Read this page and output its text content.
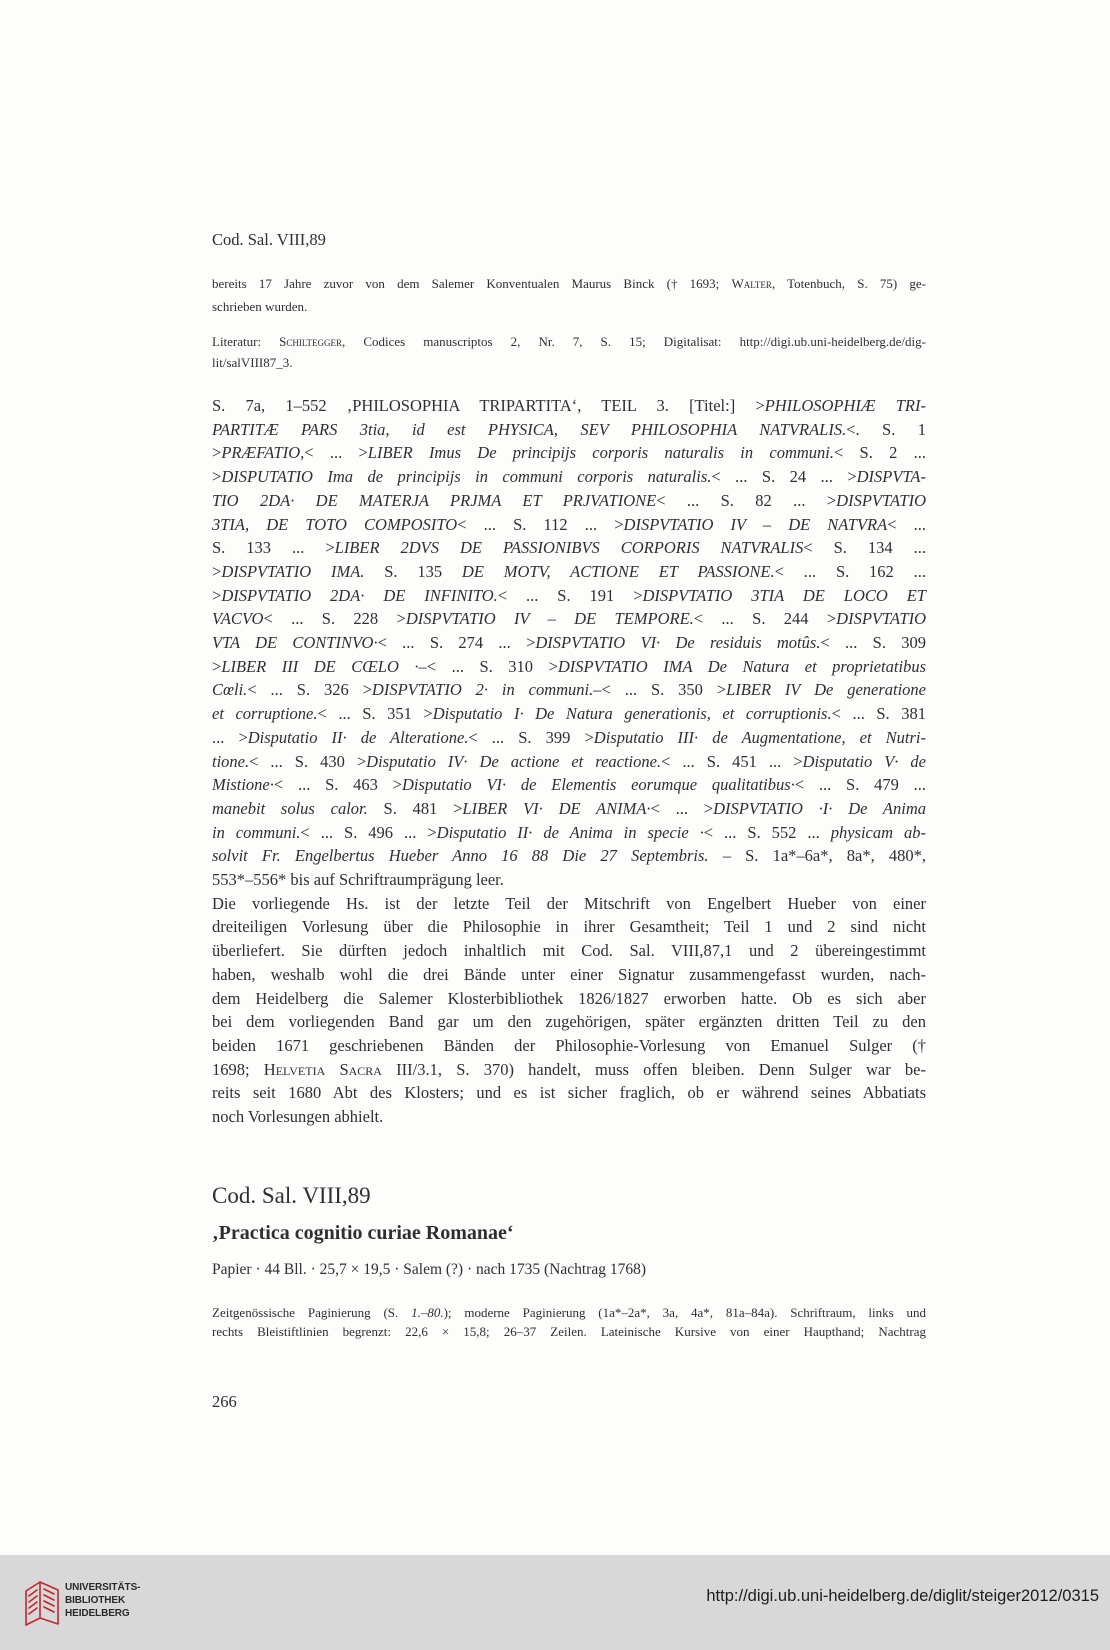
Cod. Sal. VIII,89
bereits 17 Jahre zuvor von dem Salemer Konventualen Maurus Binck († 1693; Walter, Totenbuch, S. 75) ge-
schrieben wurden.
Literatur: Schiltegger, Codices manuscriptos 2, Nr. 7, S. 15; Digitalisat: http://digi.ub.uni-heidelberg.de/dig-
lit/salVIII87_3.
S. 7a, 1–552 ‚PHILOSOPHIA TRIPARTITA‘, TEIL 3. [Titel:] >PHILOSOPHIÆ TRI-
PARTITÆ PARS 3tia, id est PHYSICA, SEV PHILOSOPHIA NATVRALIS.<. S. 1
>PRÆFATIO,< ... >LIBER Imus De principijs corporis naturalis in communi.< S. 2 ...
>DISPUTATIO Ima de principijs in communi corporis naturalis.< ... S. 24 ... >DISPVTA-
TIO 2DA· DE MATERJA PRJMA ET PRJVATIONE< ... S. 82 ... >DISPVTATIO
3TIA, DE TOTO COMPOSITO< ... S. 112 ... >DISPVTATIO IV – DE NATVRA< ...
S. 133 ... >LIBER 2DVS DE PASSIONIBVS CORPORIS NATVRALIS< S. 134 ...
>DISPVTATIO IMA. S. 135 DE MOTV, ACTIONE ET PASSIONE.< ... S. 162 ...
>DISPVTATIO 2DA· DE INFINITO.< ... S. 191 >DISPVTATIO 3TIA DE LOCO ET
VACVO< ... S. 228 >DISPVTATIO IV – DE TEMPORE.< ... S. 244 >DISPVTATIO
VTA DE CONTINVO·< ... S. 274 ... >DISPVTATIO VI· De residuis motûs.< ... S. 309
>LIBER III DE CŒLO ·–< ... S. 310 >DISPVTATIO IMA De Natura et proprietatibus
Cœli.< ... S. 326 >DISPVTATIO 2· in communi.–< ... S. 350 >LIBER IV De generatione
et corruptione.< ... S. 351 >Disputatio I· De Natura generationis, et corruptionis.< ... S. 381
... >Disputatio II· de Alteratione.< ... S. 399 >Disputatio III· de Augmentatione, et Nutri-
tione.< ... S. 430 >Disputatio IV· De actione et reactione.< ... S. 451 ... >Disputatio V· de
Mistione·< ... S. 463 >Disputatio VI· de Elementis eorumque qualitatibus·< ... S. 479 ...
manebit solus calor. S. 481 >LIBER VI· DE ANIMA·< ... >DISPVTATIO ·I· De Anima
in communi.< ... S. 496 ... >Disputatio II· de Anima in specie ·< ... S. 552 ... physicam ab-
solvit Fr. Engelbertus Hueber Anno 16 88 Die 27 Septembris. – S. 1a*–6a*, 8a*, 480*,
553*–556* bis auf Schriftraumprägung leer.
Die vorliegende Hs. ist der letzte Teil der Mitschrift von Engelbert Hueber von einer
dreiteiligen Vorlesung über die Philosophie in ihrer Gesamtheit; Teil 1 und 2 sind nicht
überliefert. Sie dürften jedoch inhaltlich mit Cod. Sal. VIII,87,1 und 2 übereingestimmt
haben, weshalb wohl die drei Bände unter einer Signatur zusammengefasst wurden, nach-
dem Heidelberg die Salemer Klosterbibliothek 1826/1827 erworben hatte. Ob es sich aber
bei dem vorliegenden Band gar um den zugehörigen, später ergänzten dritten Teil zu den
beiden 1671 geschriebenen Bänden der Philosophie-Vorlesung von Emanuel Sulger (†
1698; Helvetia Sacra III/3.1, S. 370) handelt, muss offen bleiben. Denn Sulger war be-
reits seit 1680 Abt des Klosters; und es ist sicher fraglich, ob er während seines Abbatiats
noch Vorlesungen abhielt.
Cod. Sal. VIII,89
‚Practica cognitio curiae Romanae‘
Papier · 44 Bll. · 25,7 × 19,5 · Salem (?) · nach 1735 (Nachtrag 1768)
Zeitgenössische Paginierung (S. 1.–80.); moderne Paginierung (1a*–2a*, 3a, 4a*, 81a–84a). Schriftraum, links und
rechts Bleistiftlinien begrenzt: 22,6 × 15,8; 26–37 Zeilen. Lateinische Kursive von einer Haupthand; Nachtrag
266
UNIVERSITÄTS-
BIBLIOTHEK
HEIDELBERG
http://digi.ub.uni-heidelberg.de/diglit/steiger2012/0315
